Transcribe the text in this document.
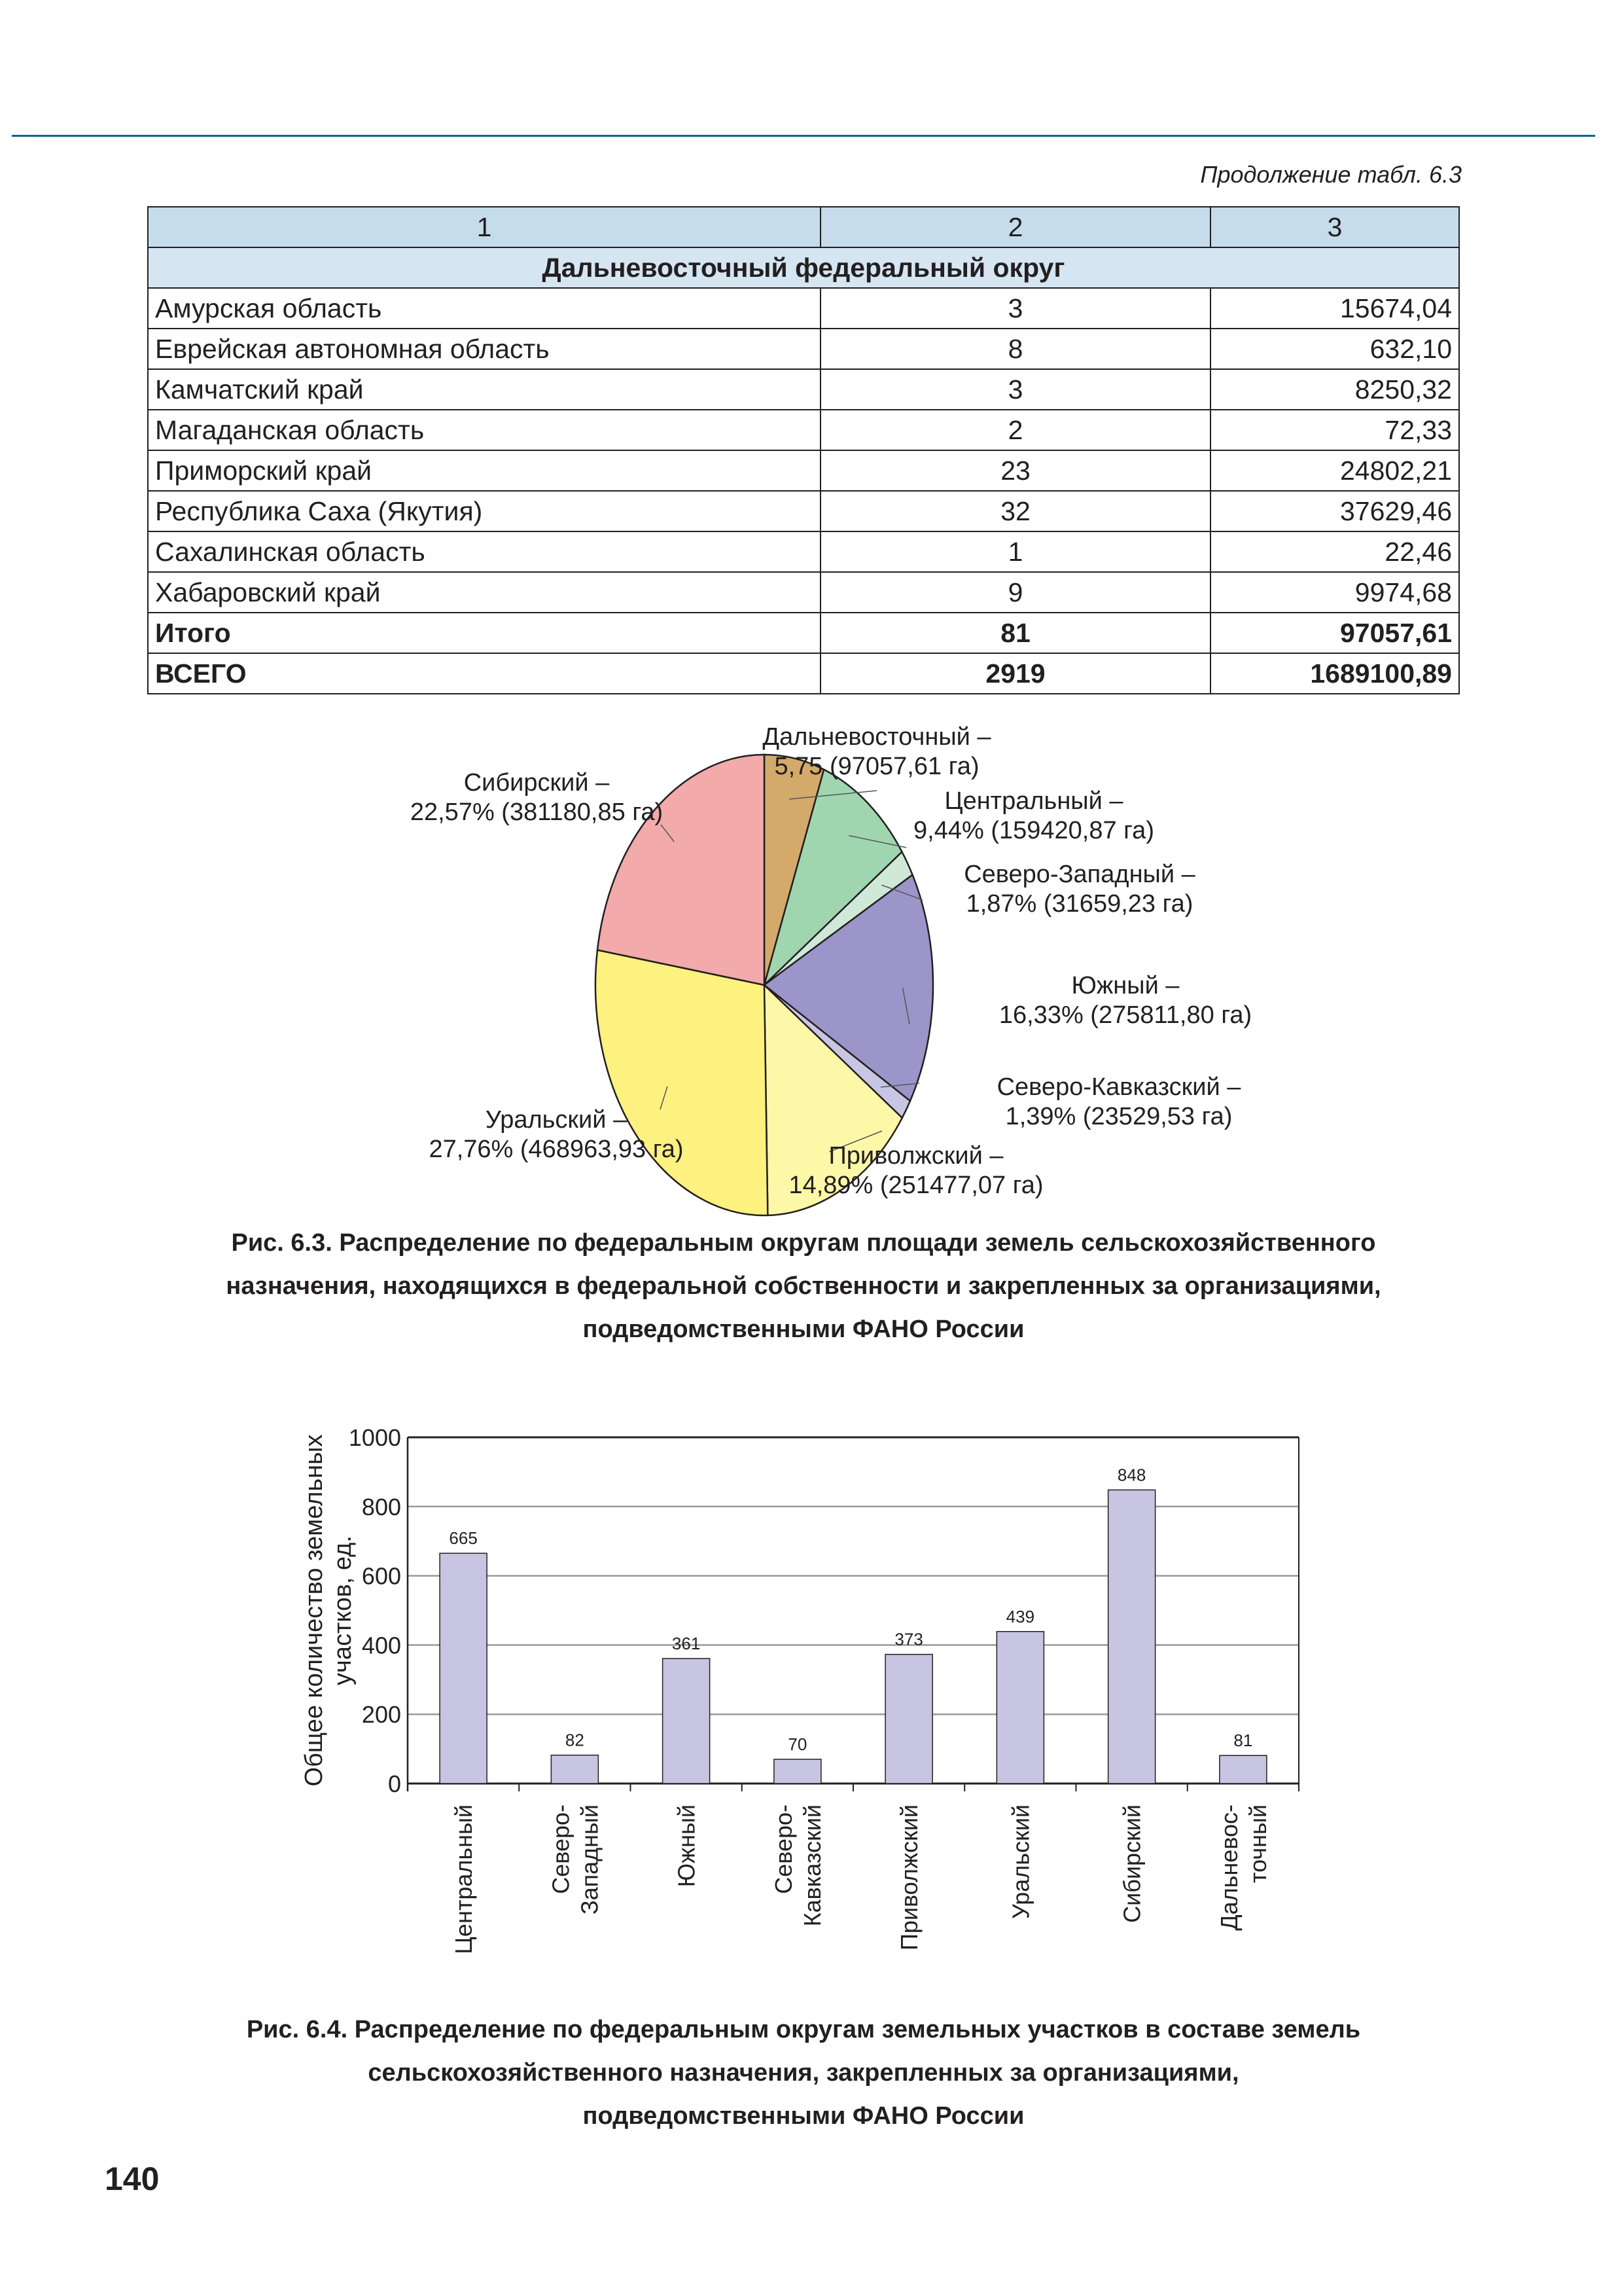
Продолжение табл. 6.3
1	2	3
Дальневосточный федеральный округ		
Амурская область	3	15674,04
Еврейская автономная область	8	632,10
Камчатский край	3	8250,32
Магаданская область	2	72,33
Приморский край	23	24802,21
Республика Саха (Якутия)	32	37629,46
Сахалинская область	1	22,46
Хабаровский край	9	9974,68
Итого	81	97057,61
ВСЕГО	2919	1689100,89
Дальневосточный –
5,75 (97057,61 га)
Центральный –
9,44% (159420,87 га)
Северо-Западный –
1,87% (31659,23 га)
Южный –
16,33% (275811,80 га)
Северо-Кавказский –
1,39% (23529,53 га)
Приволжский –
14,89% (251477,07 га)
Уральский –
27,76% (468963,93 га)
Сибирский –
22,57% (381180,85 га)
Рис. 6.3. Распределение по федеральным округам площади земель сельскохозяйственного
назначения, находящихся в федеральной собственности и закрепленных за организациями,
подведомственными ФАНО России
0
200
400
600
800
1000
665
Центральный
82
Северо- Западный
361
Южный
70
Северо- Кавказский
373
Приволжский
439
Уральский
848
Сибирский
81
Дальневос- точный
Общее количество земельных участков, ед.
Рис. 6.4. Распределение по федеральным округам земельных участков в составе земель
сельскохозяйственного назначения, закрепленных за организациями,
подведомственными ФАНО России
140
